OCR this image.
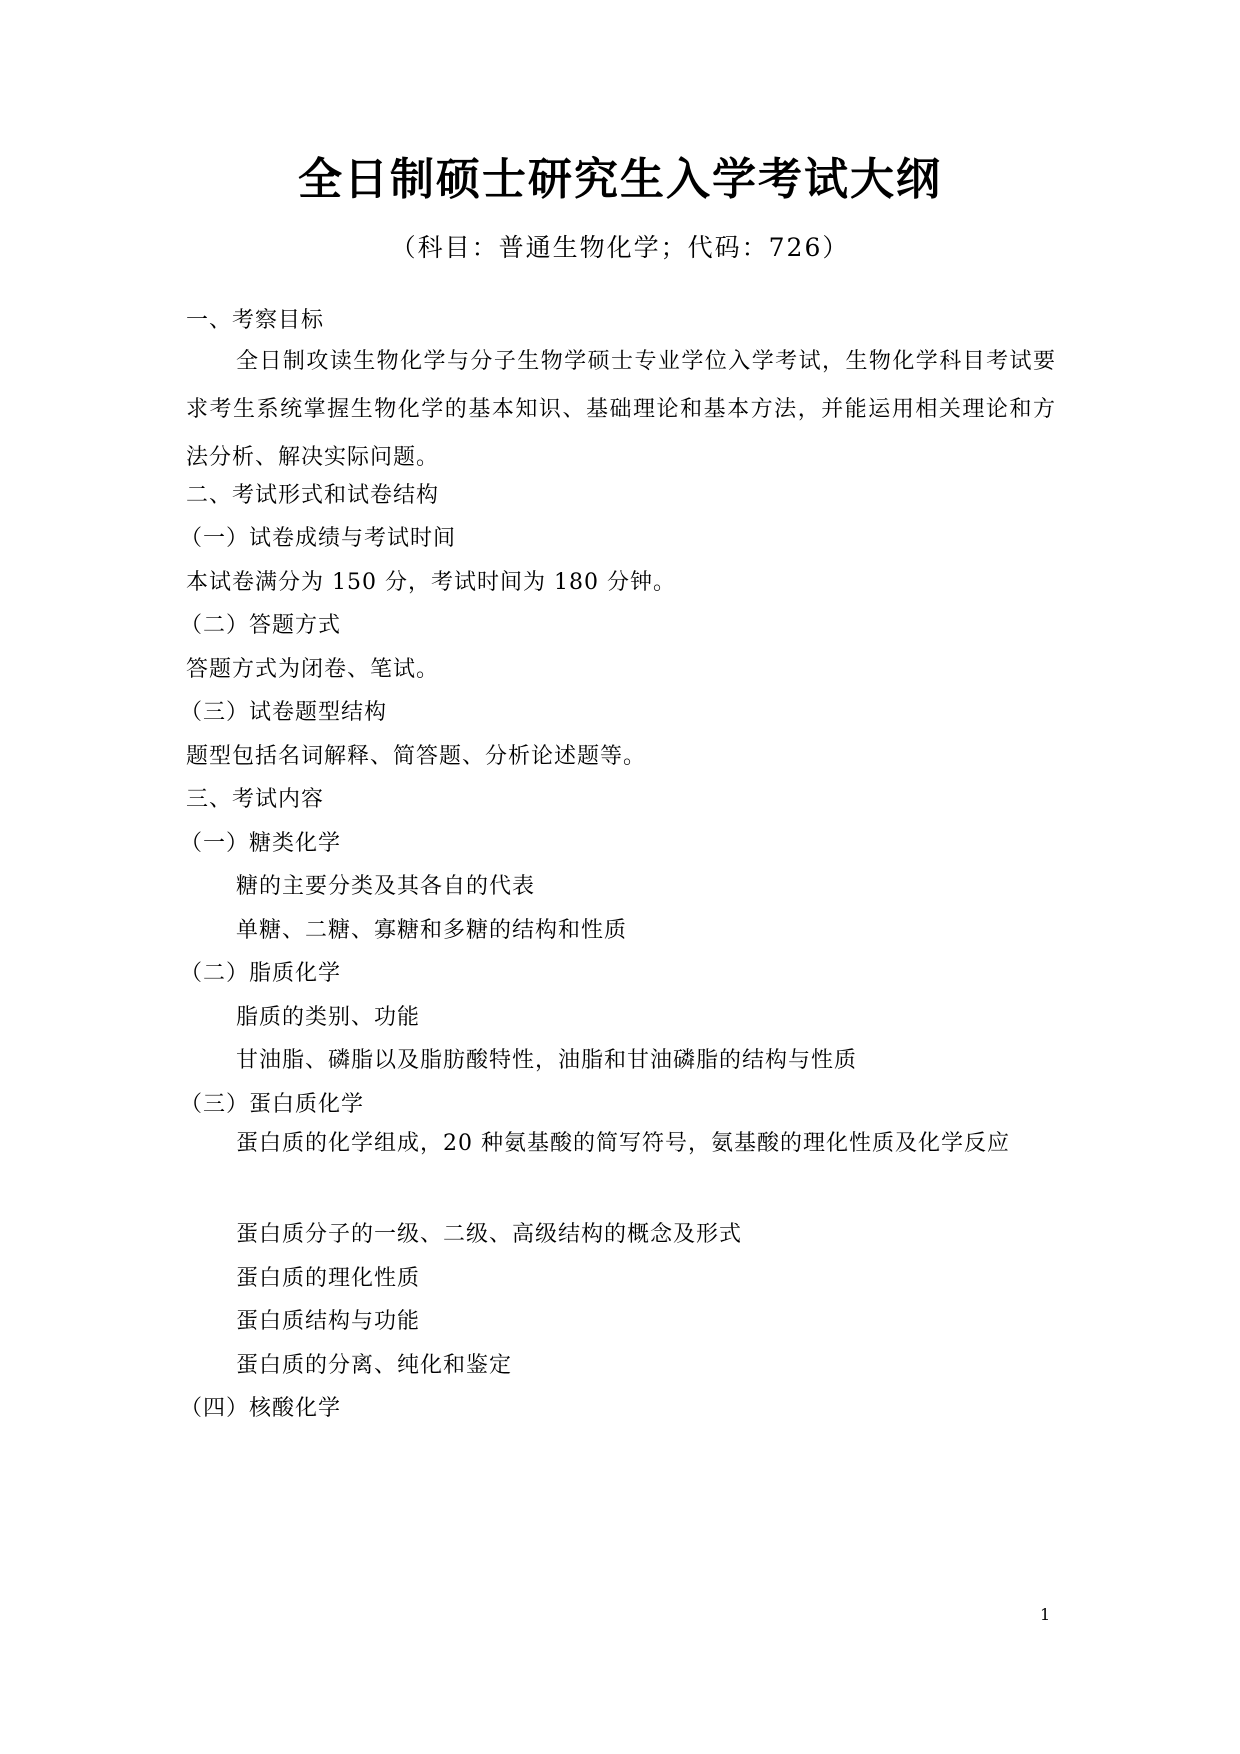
全日制硕士研究生入学考试大纲
（科目：普通生物化学；代码：726）
一、考察目标
全日制攻读生物化学与分子生物学硕士专业学位入学考试，生物化学科目考试要求考生系统掌握生物化学的基本知识、基础理论和基本方法，并能运用相关理论和方法分析、解决实际问题。
二、考试形式和试卷结构
（一）试卷成绩与考试时间
本试卷满分为 150 分，考试时间为 180 分钟。
（二）答题方式
答题方式为闭卷、笔试。
（三）试卷题型结构
题型包括名词解释、简答题、分析论述题等。
三、考试内容
（一）糖类化学
糖的主要分类及其各自的代表
单糖、二糖、寡糖和多糖的结构和性质
（二）脂质化学
脂质的类别、功能
甘油脂、磷脂以及脂肪酸特性，油脂和甘油磷脂的结构与性质
（三）蛋白质化学
蛋白质的化学组成，20 种氨基酸的简写符号，氨基酸的理化性质及化学反应
蛋白质分子的一级、二级、高级结构的概念及形式
蛋白质的理化性质
蛋白质结构与功能
蛋白质的分离、纯化和鉴定
（四）核酸化学
1
